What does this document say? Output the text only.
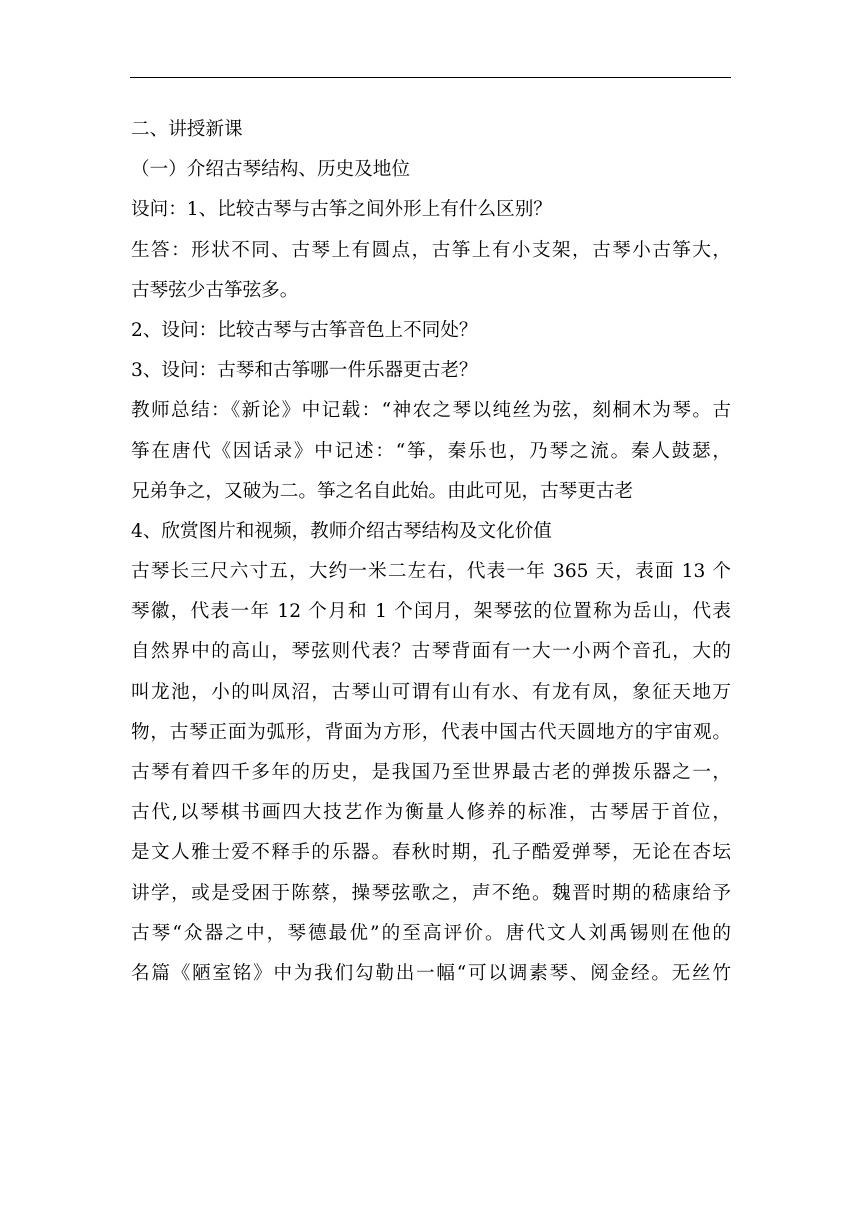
二、讲授新课
（一）介绍古琴结构、历史及地位
设问：1、比较古琴与古筝之间外形上有什么区别？
生答：形状不同、古琴上有圆点，古筝上有小支架，古琴小古筝大，
古琴弦少古筝弦多。
2、设问：比较古琴与古筝音色上不同处？
3、设问：古琴和古筝哪一件乐器更古老？
教师总结：《新论》中记载：“神农之琴以纯丝为弦，刻桐木为琴。古
筝在唐代《因话录》中记述：“筝，秦乐也，乃琴之流。秦人鼓瑟，
兄弟争之，又破为二。筝之名自此始。由此可见，古琴更古老
4、欣赏图片和视频，教师介绍古琴结构及文化价值
古琴长三尺六寸五，大约一米二左右，代表一年 365 天，表面 13 个
琴徽，代表一年 12 个月和 1 个闰月，架琴弦的位置称为岳山，代表
自然界中的高山，琴弦则代表？古琴背面有一大一小两个音孔，大的
叫龙池，小的叫凤沼，古琴山可谓有山有水、有龙有凤，象征天地万
物，古琴正面为弧形，背面为方形，代表中国古代天圆地方的宇宙观。
古琴有着四千多年的历史，是我国乃至世界最古老的弹拨乐器之一，
古代,以琴棋书画四大技艺作为衡量人修养的标准，古琴居于首位，
是文人雅士爱不释手的乐器。春秋时期，孔子酷爱弹琴，无论在杏坛
讲学，或是受困于陈蔡，操琴弦歌之，声不绝。魏晋时期的嵇康给予
古琴“众器之中，琴德最优”的至高评价。唐代文人刘禹锡则在他的
名篇《陋室铭》中为我们勾勒出一幅“可以调素琴、阅金经。无丝竹
